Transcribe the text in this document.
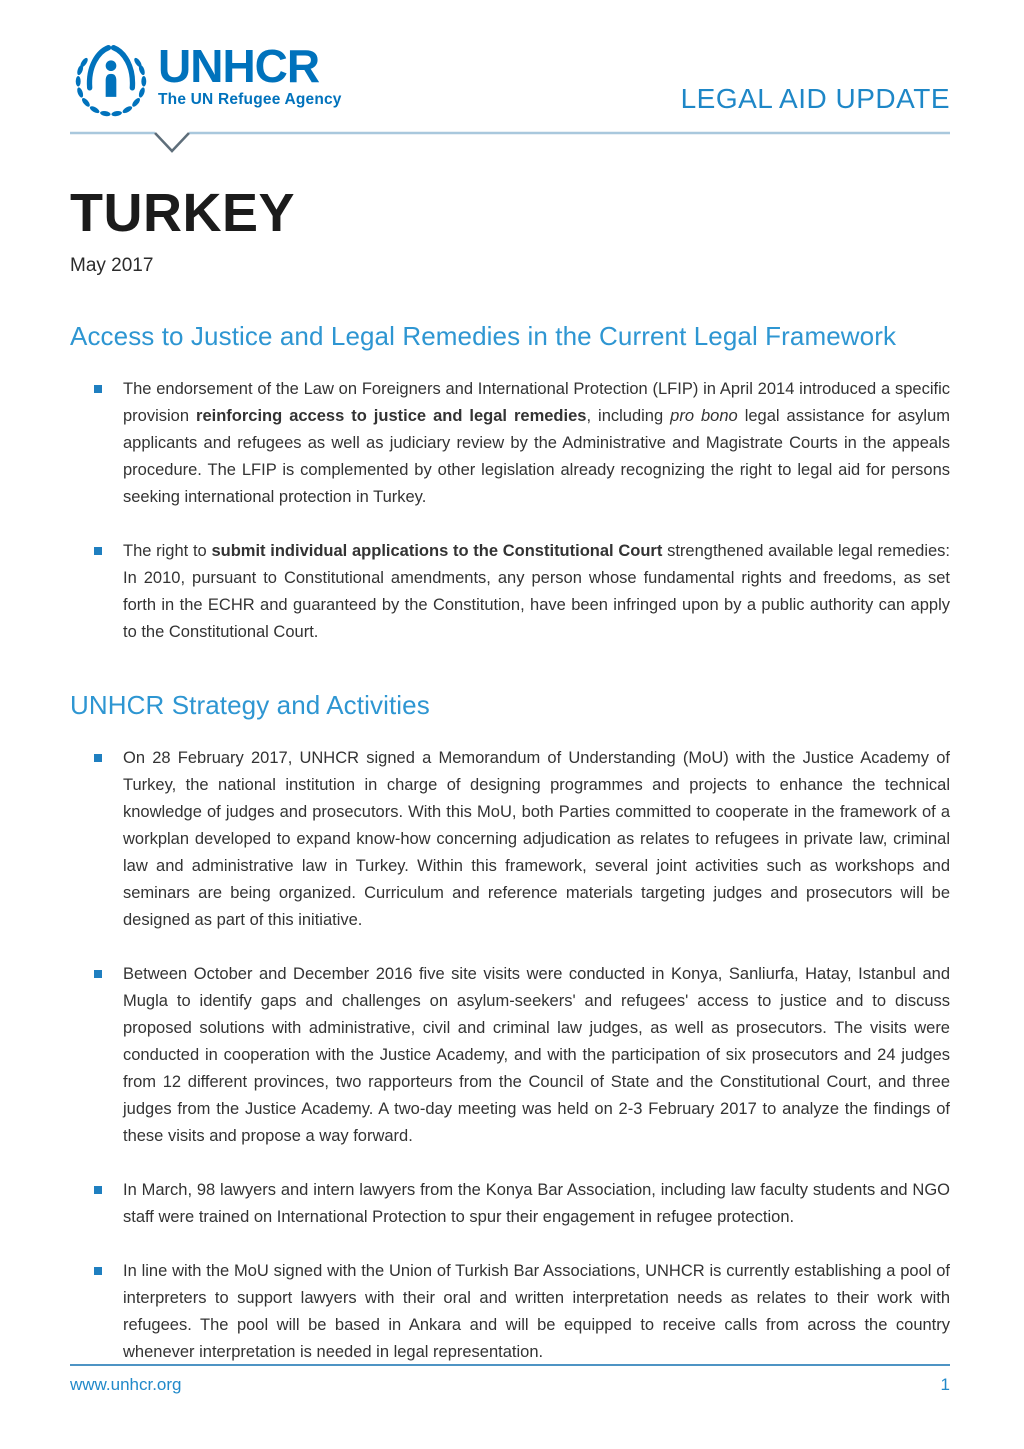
UNHCR
The UN Refugee Agency	LEGAL AID UPDATE
TURKEY
May 2017
Access to Justice and Legal Remedies in the Current Legal Framework

The endorsement of the Law on Foreigners and International Protection (LFIP) in April 2014 introduced a specific provision reinforcing access to justice and legal remedies, including pro bono legal assistance for asylum applicants and refugees as well as judiciary review by the Administrative and Magistrate Courts in the appeals procedure. The LFIP is complemented by other legislation already recognizing the right to legal aid for persons seeking international protection in Turkey.

The right to submit individual applications to the Constitutional Court strengthened available legal remedies: In 2010, pursuant to Constitutional amendments, any person whose fundamental rights and freedoms, as set forth in the ECHR and guaranteed by the Constitution, have been infringed upon by a public authority can apply to the Constitutional Court.

UNHCR Strategy and Activities

On 28 February 2017, UNHCR signed a Memorandum of Understanding (MoU) with the Justice Academy of Turkey, the national institution in charge of designing programmes and projects to enhance the technical knowledge of judges and prosecutors. With this MoU, both Parties committed to cooperate in the framework of a workplan developed to expand know-how concerning adjudication as relates to refugees in private law, criminal law and administrative law in Turkey. Within this framework, several joint activities such as workshops and seminars are being organized. Curriculum and reference materials targeting judges and prosecutors will be designed as part of this initiative.

Between October and December 2016 five site visits were conducted in Konya, Sanliurfa, Hatay, Istanbul and Mugla to identify gaps and challenges on asylum-seekers' and refugees' access to justice and to discuss proposed solutions with administrative, civil and criminal law judges, as well as prosecutors. The visits were conducted in cooperation with the Justice Academy, and with the participation of six prosecutors and 24 judges from 12 different provinces, two rapporteurs from the Council of State and the Constitutional Court, and three judges from the Justice Academy. A two-day meeting was held on 2-3 February 2017 to analyze the findings of these visits and propose a way forward.

In March, 98 lawyers and intern lawyers from the Konya Bar Association, including law faculty students and NGO staff were trained on International Protection to spur their engagement in refugee protection.

In line with the MoU signed with the Union of Turkish Bar Associations, UNHCR is currently establishing a pool of interpreters to support lawyers with their oral and written interpretation needs as relates to their work with refugees. The pool will be based in Ankara and will be equipped to receive calls from across the country whenever interpretation is needed in legal representation.

www.unhcr.org	1
